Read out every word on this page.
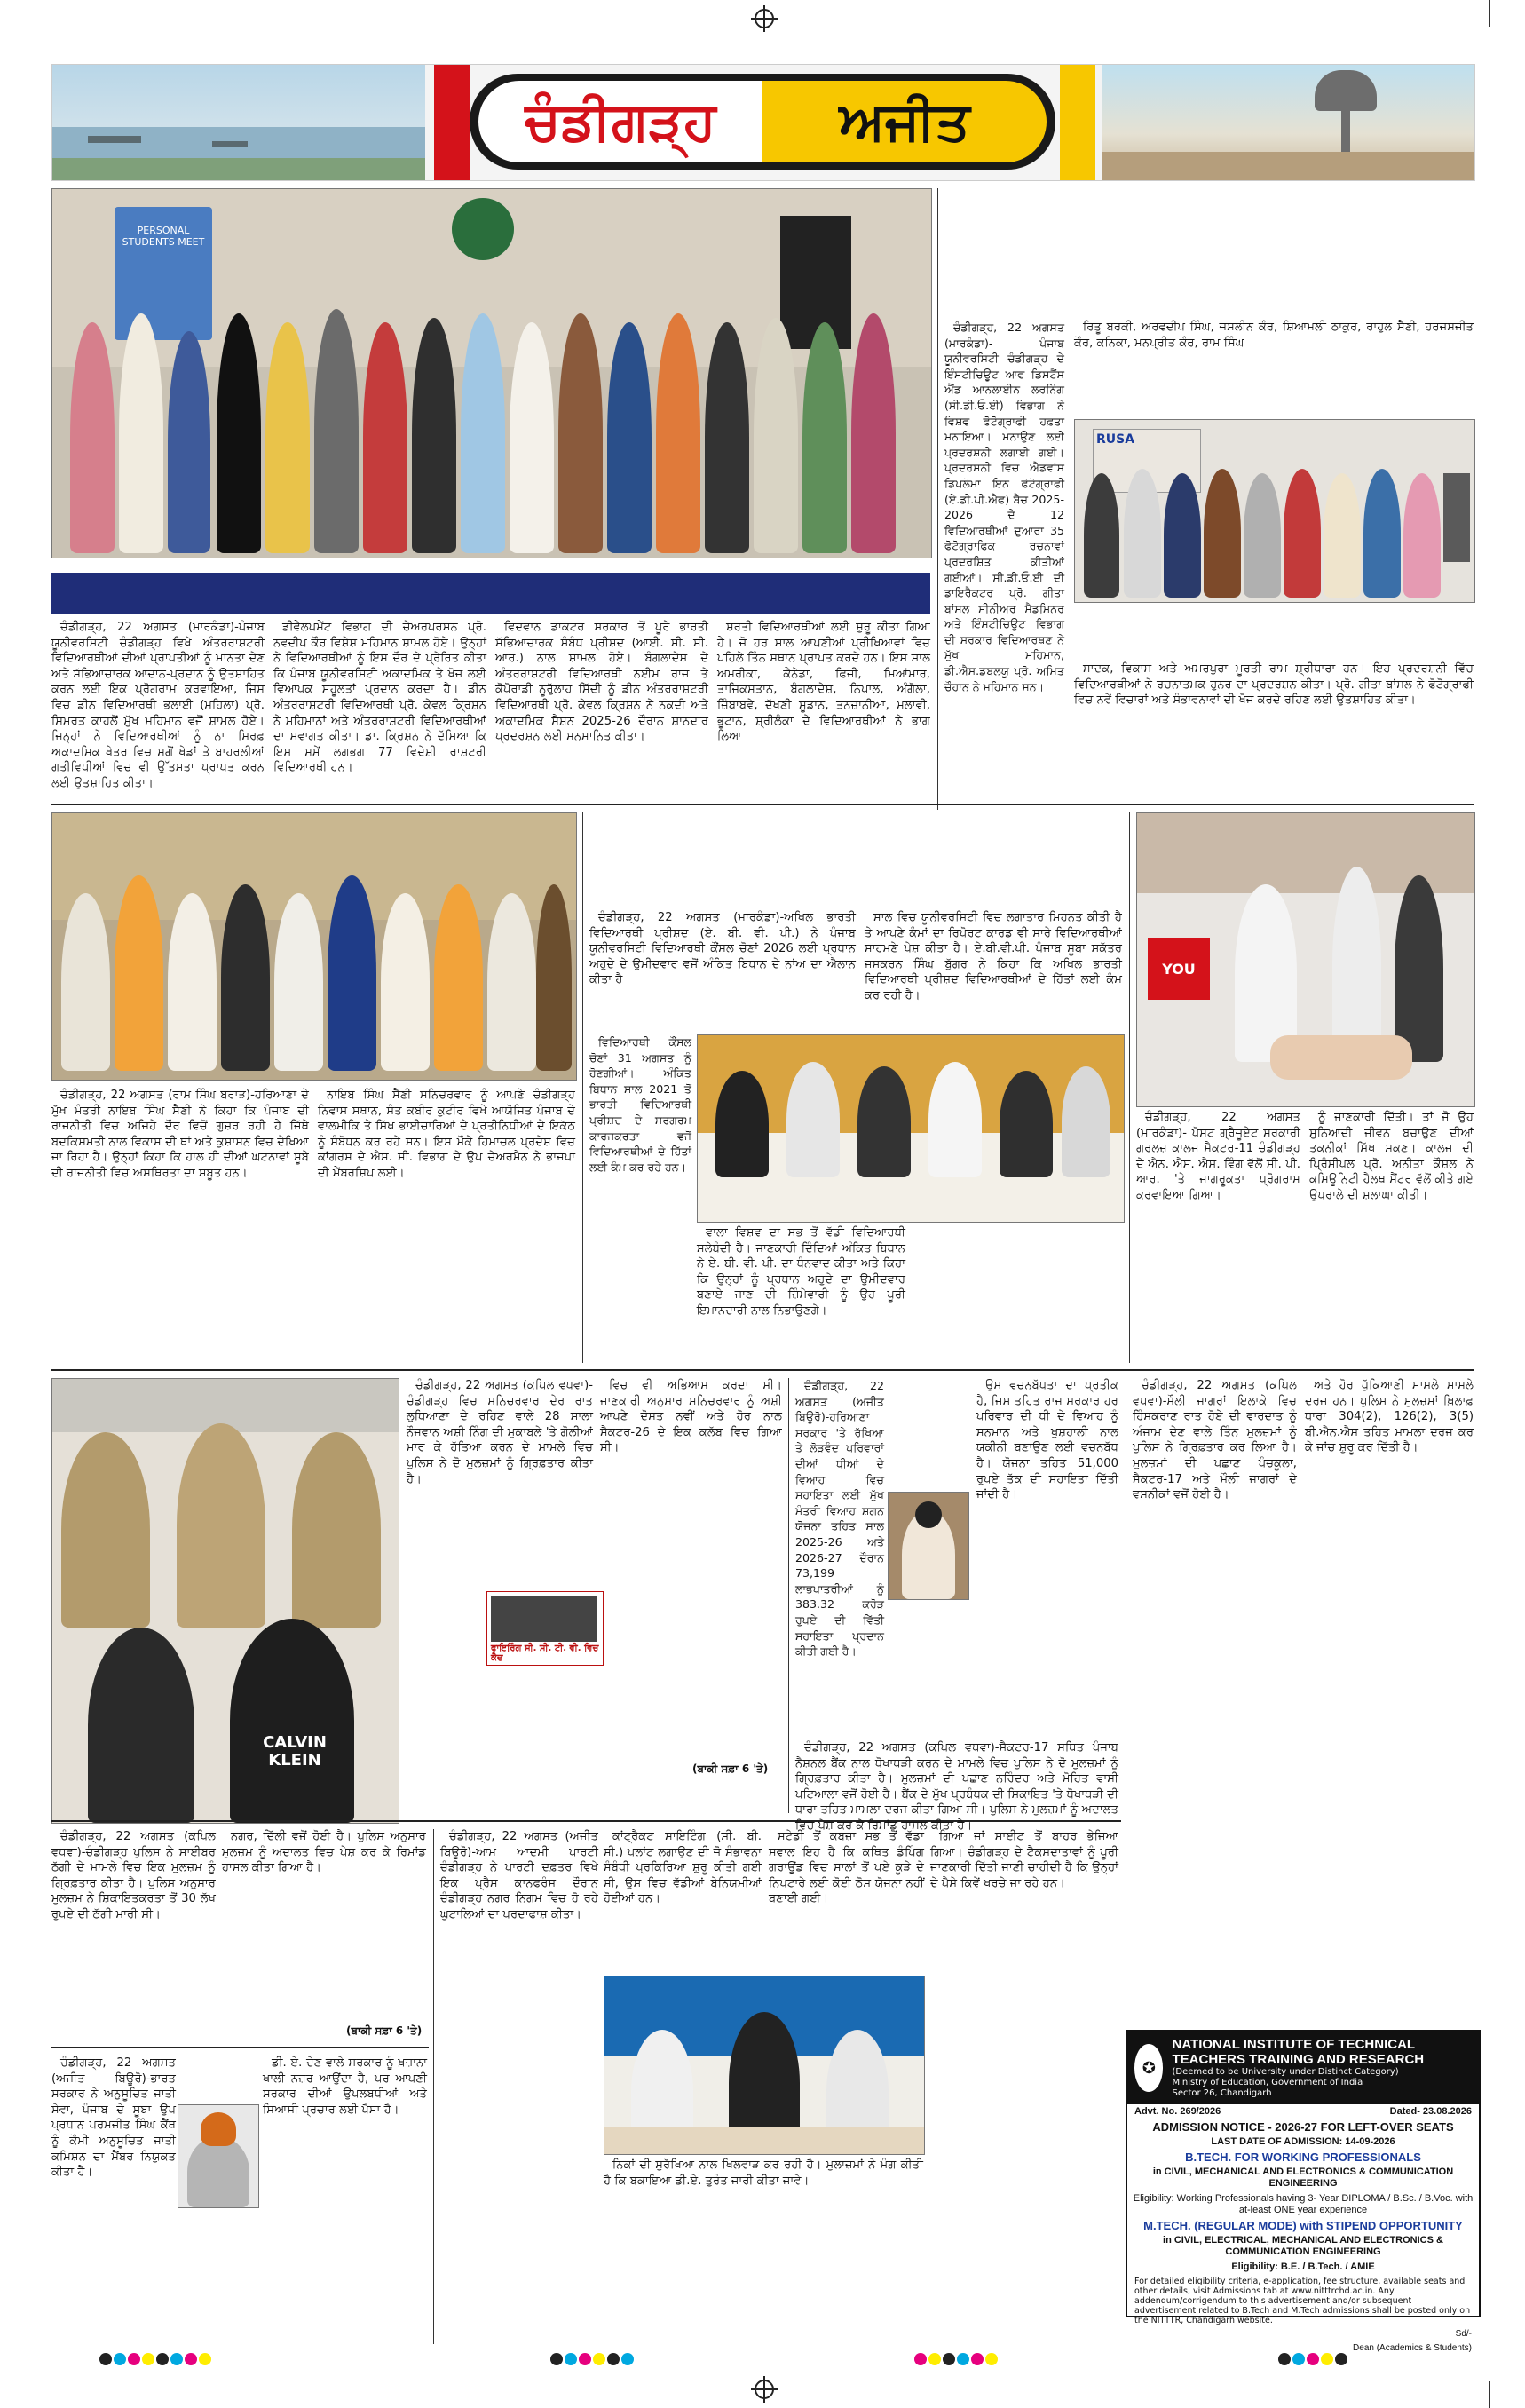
ਚੰਡੀਗੜ੍ਹ ਅਜੀਤ
PERSONAL STUDENTS MEET

ਚੰਡੀਗੜ੍ਹ, 22 ਅਗਸਤ (ਮਾਰਕੰਡਾ)-ਪੰਜਾਬ ਯੂਨੀਵਰਸਿਟੀ ਚੰਡੀਗੜ੍ਹ ਵਿਖੇ ਅੰਤਰਰਾਸ਼ਟਰੀ ਵਿਦਿਆਰਥੀਆਂ ਦੀਆਂ ਪ੍ਰਾਪਤੀਆਂ ਨੂੰ ਮਾਨਤਾ ਦੇਣ ਅਤੇ ਸੱਭਿਆਚਾਰਕ ਆਦਾਨ-ਪ੍ਰਦਾਨ ਨੂੰ ਉਤਸ਼ਾਹਿਤ ਕਰਨ ਲਈ ਇਕ ਪ੍ਰੋਗਰਾਮ ਕਰਵਾਇਆ, ਜਿਸ ਵਿਚ ਡੀਨ ਵਿਦਿਆਰਥੀ ਭਲਾਈ (ਮਹਿਲਾ) ਪ੍ਰੋ. ਸਿਮਰਤ ਕਾਹਲੋਂ ਮੁੱਖ ਮਹਿਮਾਨ ਵਜੋਂ ਸ਼ਾਮਲ ਹੋਏ। ਜਿਨ੍ਹਾਂ ਨੇ ਵਿਦਿਆਰਥੀਆਂ ਨੂੰ ਨਾ ਸਿਰਫ਼ ਅਕਾਦਮਿਕ ਖੇਤਰ ਵਿਚ ਸਗੋਂ ਖੇਡਾਂ ਤੇ ਬਾਹਰਲੀਆਂ ਗਤੀਵਿਧੀਆਂ ਵਿਚ ਵੀ ਉੱਤਮਤਾ ਪ੍ਰਾਪਤ ਕਰਨ ਲਈ ਉਤਸ਼ਾਹਿਤ ਕੀਤਾ।

ਡੀਵੈਲਪਮੈਂਟ ਵਿਭਾਗ ਦੀ ਚੇਅਰਪਰਸਨ ਪ੍ਰੋ. ਨਵਦੀਪ ਕੌਰ ਵਿਸ਼ੇਸ਼ ਮਹਿਮਾਨ ਸ਼ਾਮਲ ਹੋਏ। ਉਨ੍ਹਾਂ ਨੇ ਵਿਦਿਆਰਥੀਆਂ ਨੂੰ ਇਸ ਦੌਰ ਦੇ ਪ੍ਰੇਰਿਤ ਕੀਤਾ ਕਿ ਪੰਜਾਬ ਯੂਨੀਵਰਸਿਟੀ ਅਕਾਦਮਿਕ ਤੇ ਖੋਜ ਲਈ ਵਿਆਪਕ ਸਹੂਲਤਾਂ ਪ੍ਰਦਾਨ ਕਰਦਾ ਹੈ। ਡੀਨ ਅੰਤਰਰਾਸ਼ਟਰੀ ਵਿਦਿਆਰਥੀ ਪ੍ਰੋ. ਕੇਵਲ ਕ੍ਰਿਸ਼ਨ ਨੇ ਮਹਿਮਾਨਾਂ ਅਤੇ ਅੰਤਰਰਾਸ਼ਟਰੀ ਵਿਦਿਆਰਥੀਆਂ ਦਾ ਸਵਾਗਤ ਕੀਤਾ। ਡਾ. ਕ੍ਰਿਸ਼ਨ ਨੇ ਦੱਸਿਆ ਕਿ ਇਸ ਸਮੇਂ ਲਗਭਗ 77 ਵਿਦੇਸ਼ੀ ਰਾਸ਼ਟਰੀ ਵਿਦਿਆਰਥੀ ਹਨ।

ਵਿਦਵਾਨ ਡਾਕਟਰ ਸਰਕਾਰ ਤੋਂ ਪੂਰੇ ਭਾਰਤੀ ਸੱਭਿਆਚਾਰਕ ਸੰਬੰਧ ਪ੍ਰੀਸ਼ਦ (ਆਈ. ਸੀ. ਸੀ. ਆਰ.) ਨਾਲ ਸ਼ਾਮਲ ਹੋਏ। ਬੰਗਲਾਦੇਸ਼ ਦੇ ਅੰਤਰਰਾਸ਼ਟਰੀ ਵਿਦਿਆਰਥੀ ਨਈਮ ਰਾਜ ਤੇ ਕੋਪੋਰਾਡੀ ਨੂਰੁੱਲਾਹ ਸਿੱਦੀ ਨੂੰ ਡੀਨ ਅੰਤਰਰਾਸ਼ਟਰੀ ਵਿਦਿਆਰਥੀ ਪ੍ਰੋ. ਕੇਵਲ ਕ੍ਰਿਸ਼ਨ ਨੇ ਨਕਦੀ ਅਤੇ ਅਕਾਦਮਿਕ ਸੈਸ਼ਨ 2025-26 ਦੌਰਾਨ ਸ਼ਾਨਦਾਰ ਪ੍ਰਦਰਸ਼ਨ ਲਈ ਸਨਮਾਨਿਤ ਕੀਤਾ।

ਸ਼ਰਤੀ ਵਿਦਿਆਰਥੀਆਂ ਲਈ ਸ਼ੁਰੂ ਕੀਤਾ ਗਿਆ ਹੈ। ਜੋ ਹਰ ਸਾਲ ਆਪਣੀਆਂ ਪ੍ਰੀਖਿਆਵਾਂ ਵਿਚ ਪਹਿਲੇ ਤਿੰਨ ਸਥਾਨ ਪ੍ਰਾਪਤ ਕਰਦੇ ਹਨ। ਇਸ ਸਾਲ ਅਮਰੀਕਾ, ਕੈਨੇਡਾ, ਫਿਜੀ, ਮਿਆਂਮਾਰ, ਤਾਜਿਕਸਤਾਨ, ਬੰਗਲਾਦੇਸ਼, ਨਿਪਾਲ, ਅੰਗੋਲਾ, ਜ਼ਿੰਬਾਬਵੇ, ਦੱਖਣੀ ਸੂਡਾਨ, ਤਨਜ਼ਾਨੀਆ, ਮਲਾਵੀ, ਭੂਟਾਨ, ਸ਼੍ਰੀਲੰਕਾ ਦੇ ਵਿਦਿਆਰਥੀਆਂ ਨੇ ਭਾਗ ਲਿਆ।

ਚੰਡੀਗੜ੍ਹ, 22 ਅਗਸਤ (ਮਾਰਕੰਡਾ)- ਪੰਜਾਬ ਯੂਨੀਵਰਸਿਟੀ ਚੰਡੀਗੜ੍ਹ ਦੇ ਇੰਸਟੀਚਿਊਟ ਆਫ ਡਿਸਟੈਂਸ ਐਂਡ ਆਨਲਾਈਨ ਲਰਨਿੰਗ (ਸੀ.ਡੀ.ਓ.ਈ) ਵਿਭਾਗ ਨੇ ਵਿਸ਼ਵ ਫੋਟੋਗ੍ਰਾਫੀ ਹਫ਼ਤਾ ਮਨਾਇਆ। ਮਨਾਉਣ ਲਈ ਪ੍ਰਦਰਸ਼ਨੀ ਲਗਾਈ ਗਈ। ਪ੍ਰਦਰਸ਼ਨੀ ਵਿਚ ਐਡਵਾਂਸ ਡਿਪਲੋਮਾ ਇਨ ਫੋਟੋਗ੍ਰਾਫੀ (ਏ.ਡੀ.ਪੀ.ਐਫ) ਬੈਚ 2025-2026 ਦੇ 12 ਵਿਦਿਆਰਥੀਆਂ ਦੁਆਰਾ 35 ਫੋਟੋਗ੍ਰਾਫਿਕ ਰਚਨਾਵਾਂ ਪ੍ਰਦਰਸ਼ਿਤ ਕੀਤੀਆਂ ਗਈਆਂ। ਸੀ.ਡੀ.ਓ.ਈ ਦੀ ਡਾਇਰੈਕਟਰ ਪ੍ਰੋ. ਗੀਤਾ ਬਾਂਸਲ ਸੀਨੀਅਰ ਮੈਡਮਿਨਰ ਅਤੇ ਇੰਸਟੀਚਿਊਟ ਵਿਭਾਗ ਦੀ ਸਰਕਾਰ ਵਿਦਿਆਰਥਣ ਨੇ ਮੁੱਖ ਮਹਿਮਾਨ, ਡੀ.ਐਸ.ਡਬਲਯੂ ਪ੍ਰੋ. ਅਮਿਤ ਚੌਹਾਨ ਨੇ ਮਹਿਮਾਨ ਸਨ।

ਰਿਤੂ ਬਰਕੀ, ਅਰਵਦੀਪ ਸਿੰਘ, ਜਸਲੀਨ ਕੌਰ, ਸ਼ਿਆਮਲੀ ਠਾਕੁਰ, ਰਾਹੁਲ ਸੈਣੀ, ਹਰਜਸਜੀਤ ਕੌਰ, ਕਨਿਕਾ, ਮਨਪ੍ਰੀਤ ਕੌਰ, ਰਾਮ ਸਿੰਘ

RUSA

ਸਾਦਕ, ਵਿਕਾਸ ਅਤੇ ਅਮਰਪੁਰਾ ਮੂਰਤੀ ਰਾਮ ਸ਼੍ਰੀਧਾਰਾ ਹਨ। ਇਹ ਪ੍ਰਦਰਸ਼ਨੀ ਵਿੱਚ ਵਿਦਿਆਰਥੀਆਂ ਨੇ ਰਚਨਾਤਮਕ ਹੁਨਰ ਦਾ ਪ੍ਰਦਰਸ਼ਨ ਕੀਤਾ। ਪ੍ਰੋ. ਗੀਤਾ ਬਾਂਸਲ ਨੇ ਫੋਟੋਗ੍ਰਾਫੀ ਵਿਚ ਨਵੇਂ ਵਿਚਾਰਾਂ ਅਤੇ ਸੰਭਾਵਨਾਵਾਂ ਦੀ ਖੋਜ ਕਰਦੇ ਰਹਿਣ ਲਈ ਉਤਸ਼ਾਹਿਤ ਕੀਤਾ।

ਚੰਡੀਗੜ੍ਹ, 22 ਅਗਸਤ (ਰਾਮ ਸਿੰਘ ਬਰਾੜ)-ਹਰਿਆਣਾ ਦੇ ਮੁੱਖ ਮੰਤਰੀ ਨਾਇਬ ਸਿੰਘ ਸੈਣੀ ਨੇ ਕਿਹਾ ਕਿ ਪੰਜਾਬ ਦੀ ਰਾਜਨੀਤੀ ਵਿਚ ਅਜਿਹੇ ਦੌਰ ਵਿਚੋਂ ਗੁਜ਼ਰ ਰਹੀ ਹੈ ਜਿੱਥੇ ਬਦਕਿਸਮਤੀ ਨਾਲ ਵਿਕਾਸ ਦੀ ਥਾਂ ਅਤੇ ਕੁਸ਼ਾਸਨ ਵਿਚ ਦੇਖਿਆ ਜਾ ਰਿਹਾ ਹੈ। ਉਨ੍ਹਾਂ ਕਿਹਾ ਕਿ ਹਾਲ ਹੀ ਦੀਆਂ ਘਟਨਾਵਾਂ ਸੂਬੇ ਦੀ ਰਾਜਨੀਤੀ ਵਿਚ ਅਸਥਿਰਤਾ ਦਾ ਸਬੂਤ ਹਨ।

ਨਾਇਬ ਸਿੰਘ ਸੈਣੀ ਸਨਿਚਰਵਾਰ ਨੂੰ ਆਪਣੇ ਚੰਡੀਗੜ੍ਹ ਨਿਵਾਸ ਸਥਾਨ, ਸੰਤ ਕਬੀਰ ਕੁਟੀਰ ਵਿਖੇ ਆਯੋਜਿਤ ਪੰਜਾਬ ਦੇ ਵਾਲਮੀਕਿ ਤੇ ਸਿੱਖ ਭਾਈਚਾਰਿਆਂ ਦੇ ਪ੍ਰਤੀਨਿਧੀਆਂ ਦੇ ਇਕੱਠ ਨੂੰ ਸੰਬੋਧਨ ਕਰ ਰਹੇ ਸਨ। ਇਸ ਮੌਕੇ ਹਿਮਾਚਲ ਪ੍ਰਦੇਸ਼ ਵਿਚ ਕਾਂਗਰਸ ਦੇ ਐਸ. ਸੀ. ਵਿਭਾਗ ਦੇ ਉਪ ਚੇਅਰਮੈਨ ਨੇ ਭਾਜਪਾ ਦੀ ਮੈਂਬਰਸ਼ਿਪ ਲਈ।

ਚੰਡੀਗੜ੍ਹ, 22 ਅਗਸਤ (ਮਾਰਕੰਡਾ)-ਅਖਿਲ ਭਾਰਤੀ ਵਿਦਿਆਰਥੀ ਪ੍ਰੀਸ਼ਦ (ਏ. ਬੀ. ਵੀ. ਪੀ.) ਨੇ ਪੰਜਾਬ ਯੂਨੀਵਰਸਿਟੀ ਵਿਦਿਆਰਥੀ ਕੌਂਸਲ ਚੋਣਾਂ 2026 ਲਈ ਪ੍ਰਧਾਨ ਅਹੁਦੇ ਦੇ ਉਮੀਦਵਾਰ ਵਜੋਂ ਅੰਕਿਤ ਬਿਧਾਨ ਦੇ ਨਾਂਅ ਦਾ ਐਲਾਨ ਕੀਤਾ ਹੈ।

ਸਾਲ ਵਿਚ ਯੂਨੀਵਰਸਿਟੀ ਵਿਚ ਲਗਾਤਾਰ ਮਿਹਨਤ ਕੀਤੀ ਹੈ ਤੇ ਆਪਣੇ ਕੰਮਾਂ ਦਾ ਰਿਪੋਰਟ ਕਾਰਡ ਵੀ ਸਾਰੇ ਵਿਦਿਆਰਥੀਆਂ ਸਾਹਮਣੇ ਪੇਸ਼ ਕੀਤਾ ਹੈ। ਏ.ਬੀ.ਵੀ.ਪੀ. ਪੰਜਾਬ ਸੂਬਾ ਸਕੱਤਰ ਜਸਕਰਨ ਸਿੰਘ ਬੁੱਗਰ ਨੇ ਕਿਹਾ ਕਿ ਅਖਿਲ ਭਾਰਤੀ ਵਿਦਿਆਰਥੀ ਪ੍ਰੀਸ਼ਦ ਵਿਦਿਆਰਥੀਆਂ ਦੇ ਹਿੱਤਾਂ ਲਈ ਕੰਮ ਕਰ ਰਹੀ ਹੈ।

ਵਿਦਿਆਰਥੀ ਕੌਂਸਲ ਚੋਣਾਂ 31 ਅਗਸਤ ਨੂੰ ਹੋਣਗੀਆਂ। ਅੰਕਿਤ ਬਿਧਾਨ ਸਾਲ 2021 ਤੋਂ ਭਾਰਤੀ ਵਿਦਿਆਰਥੀ ਪ੍ਰੀਸ਼ਦ ਦੇ ਸਰਗਰਮ ਕਾਰਜਕਰਤਾ ਵਜੋਂ ਵਿਦਿਆਰਥੀਆਂ ਦੇ ਹਿੱਤਾਂ ਲਈ ਕੰਮ ਕਰ ਰਹੇ ਹਨ।

ਵਾਲਾ ਵਿਸ਼ਵ ਦਾ ਸਭ ਤੋਂ ਵੱਡੀ ਵਿਦਿਆਰਥੀ ਸਲੇਬੰਦੀ ਹੈ। ਜਾਣਕਾਰੀ ਦਿੰਦਿਆਂ ਅੰਕਿਤ ਬਿਧਾਨ ਨੇ ਏ. ਬੀ. ਵੀ. ਪੀ. ਦਾ ਧੰਨਵਾਦ ਕੀਤਾ ਅਤੇ ਕਿਹਾ ਕਿ ਉਨ੍ਹਾਂ ਨੂੰ ਪ੍ਰਧਾਨ ਅਹੁਦੇ ਦਾ ਉਮੀਦਵਾਰ ਬਣਾਏ ਜਾਣ ਦੀ ਜ਼ਿੰਮੇਵਾਰੀ ਨੂੰ ਉਹ ਪੂਰੀ ਇਮਾਨਦਾਰੀ ਨਾਲ ਨਿਭਾਉਣਗੇ।

YOU

ਚੰਡੀਗੜ੍ਹ, 22 ਅਗਸਤ (ਮਾਰਕੰਡਾ)- ਪੋਸਟ ਗ੍ਰੈਜੂਏਟ ਸਰਕਾਰੀ ਗਰਲਜ਼ ਕਾਲਜ ਸੈਕਟਰ-11 ਚੰਡੀਗੜ੍ਹ ਦੇ ਐਨ. ਐਸ. ਐਸ. ਵਿੰਗ ਵੱਲੋਂ ਸੀ. ਪੀ. ਆਰ. 'ਤੇ ਜਾਗਰੂਕਤਾ ਪ੍ਰੋਗਰਾਮ ਕਰਵਾਇਆ ਗਿਆ।

ਨੂੰ ਜਾਣਕਾਰੀ ਦਿੱਤੀ। ਤਾਂ ਜੋ ਉਹ ਸੁਨਿਆਦੀ ਜੀਵਨ ਬਚਾਉਣ ਦੀਆਂ ਤਕਨੀਕਾਂ ਸਿੱਖ ਸਕਣ। ਕਾਲਜ ਦੀ ਪ੍ਰਿੰਸੀਪਲ ਪ੍ਰੋ. ਅਨੀਤਾ ਕੌਸ਼ਲ ਨੇ ਕਮਿਊਨਿਟੀ ਹੈਲਥ ਸੈਂਟਰ ਵੱਲੋਂ ਕੀਤੇ ਗਏ ਉਪਰਾਲੇ ਦੀ ਸ਼ਲਾਘਾ ਕੀਤੀ।

CALVIN KLEIN

ਚੰਡੀਗੜ੍ਹ, 22 ਅਗਸਤ (ਕਪਿਲ ਵਧਵਾ)-ਚੰਡੀਗੜ੍ਹ ਵਿਚ ਸਨਿਚਰਵਾਰ ਦੇਰ ਰਾਤ ਲੁਧਿਆਣਾ ਦੇ ਰਹਿਣ ਵਾਲੇ 28 ਸਾਲਾ ਨੌਜਵਾਨ ਅਸ਼ੀ ਨਿੰਗ ਦੀ ਮੁਕਾਬਲੇ 'ਤੇ ਗੋਲੀਆਂ ਮਾਰ ਕੇ ਹੱਤਿਆ ਕਰਨ ਦੇ ਮਾਮਲੇ ਵਿਚ ਪੁਲਿਸ ਨੇ ਦੋ ਮੁਲਜ਼ਮਾਂ ਨੂੰ ਗ੍ਰਿਫ਼ਤਾਰ ਕੀਤਾ ਹੈ।

ਵਿਚ ਵੀ ਅਭਿਆਸ ਕਰਦਾ ਸੀ। ਜਾਣਕਾਰੀ ਅਨੁਸਾਰ ਸਨਿਚਰਵਾਰ ਨੂੰ ਅਸ਼ੀ ਆਪਣੇ ਦੋਸਤ ਨਵੀਂ ਅਤੇ ਹੋਰ ਨਾਲ ਸੈਕਟਰ-26 ਦੇ ਇਕ ਕਲੱਬ ਵਿਚ ਗਿਆ ਸੀ।

ਫਾਇਰਿੰਗ ਸੀ. ਸੀ. ਟੀ. ਵੀ. ਵਿਚ ਕੈਦ
(ਬਾਕੀ ਸਫ਼ਾ 6 'ਤੇ)

ਚੰਡੀਗੜ੍ਹ, 22 ਅਗਸਤ (ਅਜੀਤ ਬਿਊਰੋ)-ਹਰਿਆਣਾ ਸਰਕਾਰ 'ਤੇ ਰੱਖਿਆ ਤੇ ਲੋੜਵੰਦ ਪਰਿਵਾਰਾਂ ਦੀਆਂ ਧੀਆਂ ਦੇ ਵਿਆਹ ਵਿਚ ਸਹਾਇਤਾ ਲਈ ਮੁੱਖ ਮੰਤਰੀ ਵਿਆਹ ਸ਼ਗਨ ਯੋਜਨਾ ਤਹਿਤ ਸਾਲ 2025-26 ਅਤੇ 2026-27 ਦੌਰਾਨ 73,199 ਲਾਭਪਾਤਰੀਆਂ ਨੂੰ 383.32 ਕਰੋੜ ਰੁਪਏ ਦੀ ਵਿੱਤੀ ਸਹਾਇਤਾ ਪ੍ਰਦਾਨ ਕੀਤੀ ਗਈ ਹੈ।

ਉਸ ਵਚਨਬੱਧਤਾ ਦਾ ਪ੍ਰਤੀਕ ਹੈ, ਜਿਸ ਤਹਿਤ ਰਾਜ ਸਰਕਾਰ ਹਰ ਪਰਿਵਾਰ ਦੀ ਧੀ ਦੇ ਵਿਆਹ ਨੂੰ ਸਨਮਾਨ ਅਤੇ ਖੁਸ਼ਹਾਲੀ ਨਾਲ ਯਕੀਨੀ ਬਣਾਉਣ ਲਈ ਵਚਨਬੱਧ ਹੈ। ਯੋਜਨਾ ਤਹਿਤ 51,000 ਰੁਪਏ ਤੱਕ ਦੀ ਸਹਾਇਤਾ ਦਿੱਤੀ ਜਾਂਦੀ ਹੈ।

ਚੰਡੀਗੜ੍ਹ, 22 ਅਗਸਤ (ਕਪਿਲ ਵਧਵਾ)-ਮੌਲੀ ਜਾਗਰਾਂ ਇਲਾਕੇ ਵਿਚ ਹਿੰਸਕਰਾਣ ਰਾਤ ਹੋਏ ਦੀ ਵਾਰਦਾਤ ਨੂੰ ਅੰਜਾਮ ਦੇਣ ਵਾਲੇ ਤਿੰਨ ਮੁਲਜ਼ਮਾਂ ਨੂੰ ਪੁਲਿਸ ਨੇ ਗ੍ਰਿਫ਼ਤਾਰ ਕਰ ਲਿਆ ਹੈ। ਮੁਲਜ਼ਮਾਂ ਦੀ ਪਛਾਣ ਪੰਚਕੂਲਾ, ਸੈਕਟਰ-17 ਅਤੇ ਮੌਲੀ ਜਾਗਰਾਂ ਦੇ ਵਸਨੀਕਾਂ ਵਜੋਂ ਹੋਈ ਹੈ।

ਅਤੇ ਹੋਰ ਧੁੱਕਿਆਣੀ ਮਾਮਲੇ ਮਾਮਲੇ ਦਰਜ ਹਨ। ਪੁਲਿਸ ਨੇ ਮੁਲਜ਼ਮਾਂ ਖ਼ਿਲਾਫ਼ ਧਾਰਾ 304(2), 126(2), 3(5) ਬੀ.ਐਨ.ਐਸ ਤਹਿਤ ਮਾਮਲਾ ਦਰਜ ਕਰ ਕੇ ਜਾਂਚ ਸ਼ੁਰੂ ਕਰ ਦਿੱਤੀ ਹੈ।

ਚੰਡੀਗੜ੍ਹ, 22 ਅਗਸਤ (ਕਪਿਲ ਵਧਵਾ)-ਚੰਡੀਗੜ੍ਹ ਪੁਲਿਸ ਨੇ ਸਾਈਬਰ ਠੱਗੀ ਦੇ ਮਾਮਲੇ ਵਿਚ ਇਕ ਮੁਲਜ਼ਮ ਨੂੰ ਗ੍ਰਿਫ਼ਤਾਰ ਕੀਤਾ ਹੈ। ਪੁਲਿਸ ਅਨੁਸਾਰ ਮੁਲਜ਼ਮ ਨੇ ਸ਼ਿਕਾਇਤਕਰਤਾ ਤੋਂ 30 ਲੱਖ ਰੁਪਏ ਦੀ ਠੱਗੀ ਮਾਰੀ ਸੀ।

ਨਗਰ, ਦਿੱਲੀ ਵਜੋਂ ਹੋਈ ਹੈ। ਪੁਲਿਸ ਅਨੁਸਾਰ ਮੁਲਜ਼ਮ ਨੂੰ ਅਦਾਲਤ ਵਿਚ ਪੇਸ਼ ਕਰ ਕੇ ਰਿਮਾਂਡ ਹਾਸਲ ਕੀਤਾ ਗਿਆ ਹੈ।

(ਬਾਕੀ ਸਫ਼ਾ 6 'ਤੇ)

ਚੰਡੀਗੜ੍ਹ, 22 ਅਗਸਤ (ਅਜੀਤ ਬਿਊਰੋ)-ਭਾਰਤ ਸਰਕਾਰ ਨੇ ਅਨੁਸੂਚਿਤ ਜਾਤੀ ਸੇਵਾ, ਪੰਜਾਬ ਦੇ ਸੂਬਾ ਉਪ ਪ੍ਰਧਾਨ ਪਰਮਜੀਤ ਸਿੰਘ ਕੈਂਥ ਨੂੰ ਕੌਮੀ ਅਨੁਸੂਚਿਤ ਜਾਤੀ ਕਮਿਸ਼ਨ ਦਾ ਮੈਂਬਰ ਨਿਯੁਕਤ ਕੀਤਾ ਹੈ।

ਡੀ. ਏ. ਦੇਣ ਵਾਲੇ ਸਰਕਾਰ ਨੂੰ ਖ਼ਜ਼ਾਨਾ ਖਾਲੀ ਨਜ਼ਰ ਆਉਂਦਾ ਹੈ, ਪਰ ਆਪਣੀ ਸਰਕਾਰ ਦੀਆਂ ਉਪਲਬਧੀਆਂ ਅਤੇ ਸਿਆਸੀ ਪ੍ਰਚਾਰ ਲਈ ਪੈਸਾ ਹੈ।

ਚੰਡੀਗੜ੍ਹ, 22 ਅਗਸਤ (ਅਜੀਤ ਬਿਊਰੋ)-ਆਮ ਆਦਮੀ ਪਾਰਟੀ ਚੰਡੀਗੜ੍ਹ ਨੇ ਪਾਰਟੀ ਦਫ਼ਤਰ ਵਿਖੇ ਇਕ ਪ੍ਰੈਸ ਕਾਨਫਰੰਸ ਦੌਰਾਨ ਚੰਡੀਗੜ੍ਹ ਨਗਰ ਨਿਗਮ ਵਿਚ ਹੋ ਰਹੇ ਘੁਟਾਲਿਆਂ ਦਾ ਪਰਦਾਫਾਸ਼ ਕੀਤਾ।

ਕਾਂਟ੍ਰੈਕਟ ਸਾਇਟਿੰਗ (ਸੀ. ਬੀ. ਸੀ.) ਪਲਾਂਟ ਲਗਾਉਣ ਦੀ ਜੋ ਸੰਭਾਵਨਾ ਸੰਬੰਧੀ ਪ੍ਰਕਿਰਿਆ ਸ਼ੁਰੂ ਕੀਤੀ ਗਈ ਸੀ, ਉਸ ਵਿਚ ਵੱਡੀਆਂ ਬੇਨਿਯਮੀਆਂ ਹੋਈਆਂ ਹਨ।

ਸਟੇਡੀ ਤੋਂ ਕਬਜ਼ਾ ਸਭ ਤੋਂ ਵੱਡਾ ਸਵਾਲ ਇਹ ਹੈ ਕਿ ਕਥਿਤ ਡੰਪਿੰਗ ਗਰਾਊਂਡ ਵਿਚ ਸਾਲਾਂ ਤੋਂ ਪਏ ਕੂੜੇ ਦੇ ਨਿਪਟਾਰੇ ਲਈ ਕੋਈ ਠੋਸ ਯੋਜਨਾ ਨਹੀਂ ਬਣਾਈ ਗਈ।

ਗਿਆ ਜਾਂ ਸਾਈਟ ਤੋਂ ਬਾਹਰ ਭੇਜਿਆ ਗਿਆ। ਚੰਡੀਗੜ੍ਹ ਦੇ ਟੈਕਸਦਾਤਾਵਾਂ ਨੂੰ ਪੂਰੀ ਜਾਣਕਾਰੀ ਦਿੱਤੀ ਜਾਣੀ ਚਾਹੀਦੀ ਹੈ ਕਿ ਉਨ੍ਹਾਂ ਦੇ ਪੈਸੇ ਕਿਵੇਂ ਖਰਚੇ ਜਾ ਰਹੇ ਹਨ।

ਨਿਕਾਂ ਦੀ ਸੁਰੱਖਿਆ ਨਾਲ ਖਿਲਵਾੜ ਕਰ ਰਹੀ ਹੈ। ਮੁਲਾਜ਼ਮਾਂ ਨੇ ਮੰਗ ਕੀਤੀ ਹੈ ਕਿ ਬਕਾਇਆ ਡੀ.ਏ. ਤੁਰੰਤ ਜਾਰੀ ਕੀਤਾ ਜਾਵੇ।

ਚੰਡੀਗੜ੍ਹ, 22 ਅਗਸਤ (ਕਪਿਲ ਵਧਵਾ)-ਸੈਕਟਰ-17 ਸਥਿਤ ਪੰਜਾਬ ਨੈਸ਼ਨਲ ਬੈਂਕ ਨਾਲ ਧੋਖਾਧੜੀ ਕਰਨ ਦੇ ਮਾਮਲੇ ਵਿਚ ਪੁਲਿਸ ਨੇ ਦੋ ਮੁਲਜ਼ਮਾਂ ਨੂੰ ਗ੍ਰਿਫ਼ਤਾਰ ਕੀਤਾ ਹੈ। ਮੁਲਜ਼ਮਾਂ ਦੀ ਪਛਾਣ ਨਰਿੰਦਰ ਅਤੇ ਮੋਹਿਤ ਵਾਸੀ ਪਟਿਆਲਾ ਵਜੋਂ ਹੋਈ ਹੈ। ਬੈਂਕ ਦੇ ਮੁੱਖ ਪ੍ਰਬੰਧਕ ਦੀ ਸ਼ਿਕਾਇਤ 'ਤੇ ਧੋਖਾਧੜੀ ਦੀ ਧਾਰਾ ਤਹਿਤ ਮਾਮਲਾ ਦਰਜ ਕੀਤਾ ਗਿਆ ਸੀ। ਪੁਲਿਸ ਨੇ ਮੁਲਜ਼ਮਾਂ ਨੂੰ ਅਦਾਲਤ ਵਿਚ ਪੇਸ਼ ਕਰ ਕੇ ਰਿਮਾਂਡ ਹਾਸਲ ਕੀਤਾ ਹੈ।

✪
NATIONAL INSTITUTE OF TECHNICAL TEACHERS TRAINING AND RESEARCH
(Deemed to be University under Distinct Category)
Ministry of Education, Government of India
Sector 26, Chandigarh
Advt. No. 269/2026	Dated- 23.08.2026
ADMISSION NOTICE - 2026-27 FOR LEFT-OVER SEATS
LAST DATE OF ADMISSION: 14-09-2026
B.TECH. FOR WORKING PROFESSIONALS
in CIVIL, MECHANICAL AND ELECTRONICS & COMMUNICATION ENGINEERING
Eligibility: Working Professionals having 3- Year DIPLOMA / B.Sc. / B.Voc. with at-least ONE year experience
M.TECH. (REGULAR MODE) with STIPEND OPPORTUNITY
in CIVIL, ELECTRICAL, MECHANICAL AND ELECTRONICS & COMMUNICATION ENGINEERING
Eligibility: B.E. / B.Tech. / AMIE
For detailed eligibility criteria, e-application, fee structure, available seats and other details, visit Admissions tab at www.nitttrchd.ac.in. Any addendum/corrigendum to this advertisement and/or subsequent advertisement related to B.Tech and M.Tech admissions shall be posted only on the NITTTR, Chandigarh website.
Sd/-
Dean (Academics & Students)
